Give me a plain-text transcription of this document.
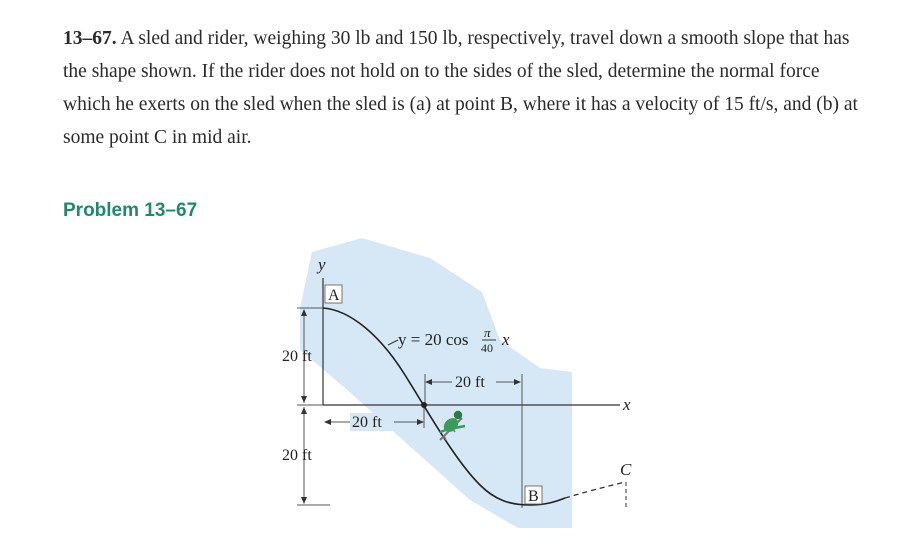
13–67. A sled and rider, weighing 30 lb and 150 lb, respectively, travel down a smooth slope that has the shape shown. If the rider does not hold on to the sides of the sled, determine the normal force which he exerts on the sled when the sled is (a) at point B, where it has a velocity of 15 ft/s, and (b) at some point C in mid air.

Problem 13–67
A
B
C
y
x
20 ft
20 ft
20 ft
20 ft
y = 20 cos π
40 x
